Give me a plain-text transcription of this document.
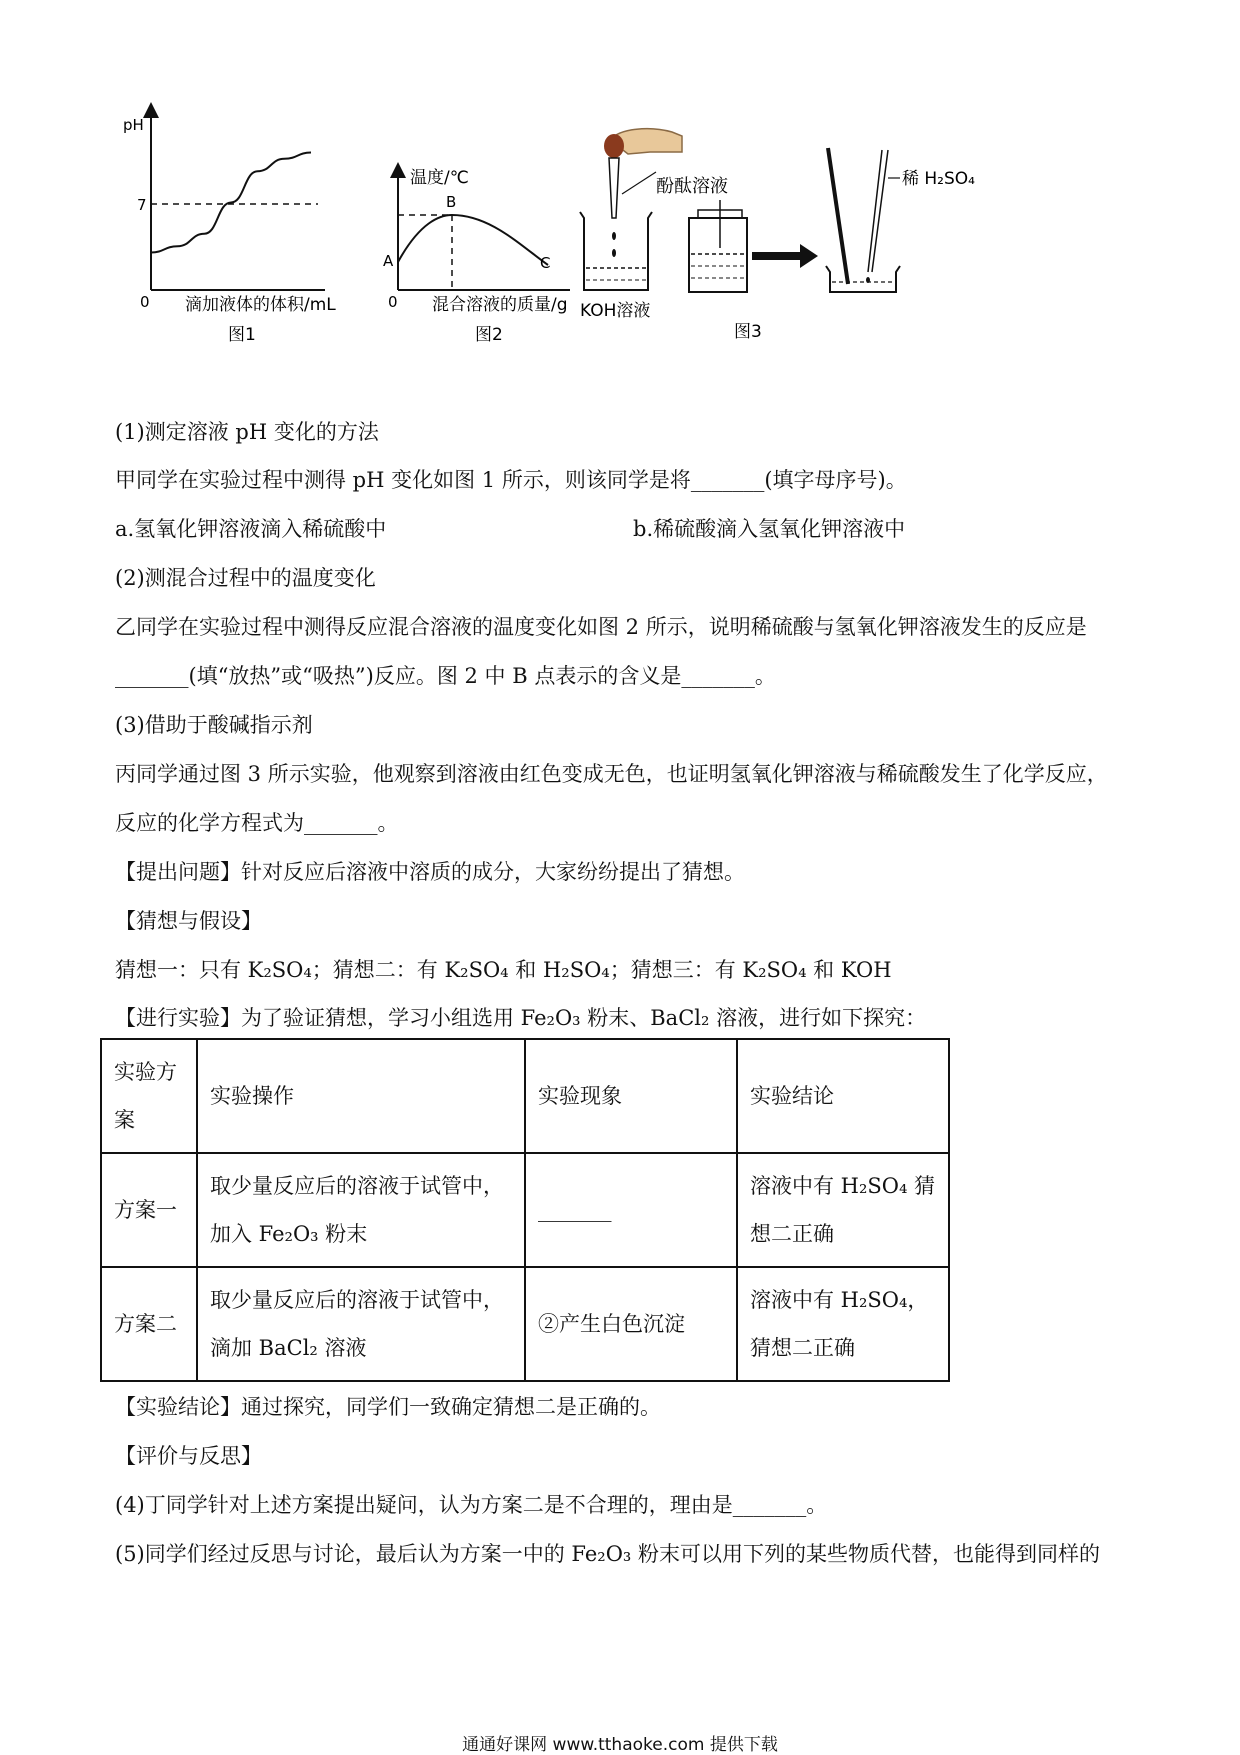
pH
7
0 滴加液体的体积/mL
图1
温度/℃
A
B
C
0 混合溶液的质量/g
图2
酚酞溶液
KOH溶液
图3
稀 H₂SO₄
(1)测定溶液 pH 变化的方法
甲同学在实验过程中测得 pH 变化如图 1 所示，则该同学是将_______(填字母序号)。
a.氢氧化钾溶液滴入稀硫酸中	b.稀硫酸滴入氢氧化钾溶液中
(2)测混合过程中的温度变化
乙同学在实验过程中测得反应混合溶液的温度变化如图 2 所示，说明稀硫酸与氢氧化钾溶液发生的反应是
_______(填“放热”或“吸热”)反应。图 2 中 B 点表示的含义是_______。
(3)借助于酸碱指示剂
丙同学通过图 3 所示实验，他观察到溶液由红色变成无色，也证明氢氧化钾溶液与稀硫酸发生了化学反应，
反应的化学方程式为_______。
【提出问题】针对反应后溶液中溶质的成分，大家纷纷提出了猜想。
【猜想与假设】
猜想一：只有 K₂SO₄；猜想二：有 K₂SO₄ 和 H₂SO₄；猜想三：有 K₂SO₄ 和 KOH
【进行实验】为了验证猜想，学习小组选用 Fe₂O₃ 粉末、BaCl₂ 溶液，进行如下探究：
实验方案	实验操作	实验现象	实验结论
方案一	取少量反应后的溶液于试管中，加入 Fe₂O₃ 粉末	_______	溶液中有 H₂SO₄ 猜想二正确
方案二	取少量反应后的溶液于试管中，滴加 BaCl₂ 溶液	②产生白色沉淀	溶液中有 H₂SO₄，猜想二正确
【实验结论】通过探究，同学们一致确定猜想二是正确的。
【评价与反思】
(4)丁同学针对上述方案提出疑问，认为方案二是不合理的，理由是_______。
(5)同学们经过反思与讨论，最后认为方案一中的 Fe₂O₃ 粉末可以用下列的某些物质代替，也能得到同样的
通通好课网 www.tthaoke.com 提供下载
